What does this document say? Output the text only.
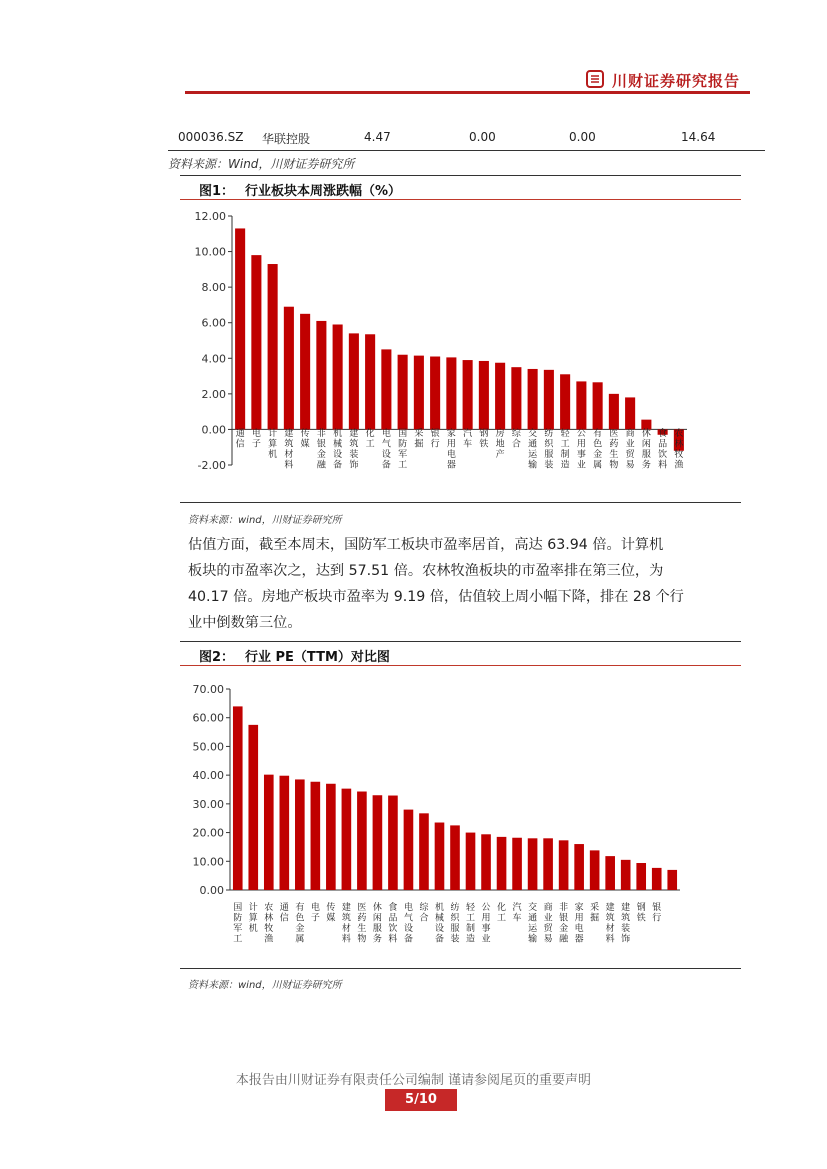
川财证券研究报告
000036.SZ 华联控股	4.47	0.00	0.00	14.64
资料来源：Wind，川财证券研究所
图1： 行业板块本周涨跌幅（%）
-2.00
0.00
2.00
4.00
6.00
8.00
10.00
12.00
通
信
电
子
计
算
机
建
筑
材
料
传
媒
非
银
金
融
机
械
设
备
建
筑
装
饰
化
工
电
气
设
备
国
防
军
工
采
掘
银
行
家
用
电
器
汽
车
钢
铁
房
地
产
综
合
交
通
运
输
纺
织
服
装
轻
工
制
造
公
用
事
业
有
色
金
属
医
药
生
物
商
业
贸
易
休
闲
服
务
食
品
饮
料
农
林
牧
渔
资料来源：wind，川财证券研究所
估值方面，截至本周末，国防军工板块市盈率居首，高达 63.94 倍。计算机
板块的市盈率次之，达到 57.51 倍。农林牧渔板块的市盈率排在第三位，为
40.17 倍。房地产板块市盈率为 9.19 倍，估值较上周小幅下降，排在 28 个行
业中倒数第三位。
图2： 行业 PE（TTM）对比图
0.00
10.00
20.00
30.00
40.00
50.00
60.00
70.00
国
防
军
工
计
算
机
农
林
牧
渔
通
信
有
色
金
属
电
子
传
媒
建
筑
材
料
医
药
生
物
休
闲
服
务
食
品
饮
料
电
气
设
备
综
合
机
械
设
备
纺
织
服
装
轻
工
制
造
公
用
事
业
化
工
汽
车
交
通
运
输
商
业
贸
易
非
银
金
融
家
用
电
器
采
掘
建
筑
材
料
建
筑
装
饰
钢
铁
银
行
资料来源：wind，川财证券研究所
本报告由川财证券有限责任公司编制 谨请参阅尾页的重要声明
5/10
